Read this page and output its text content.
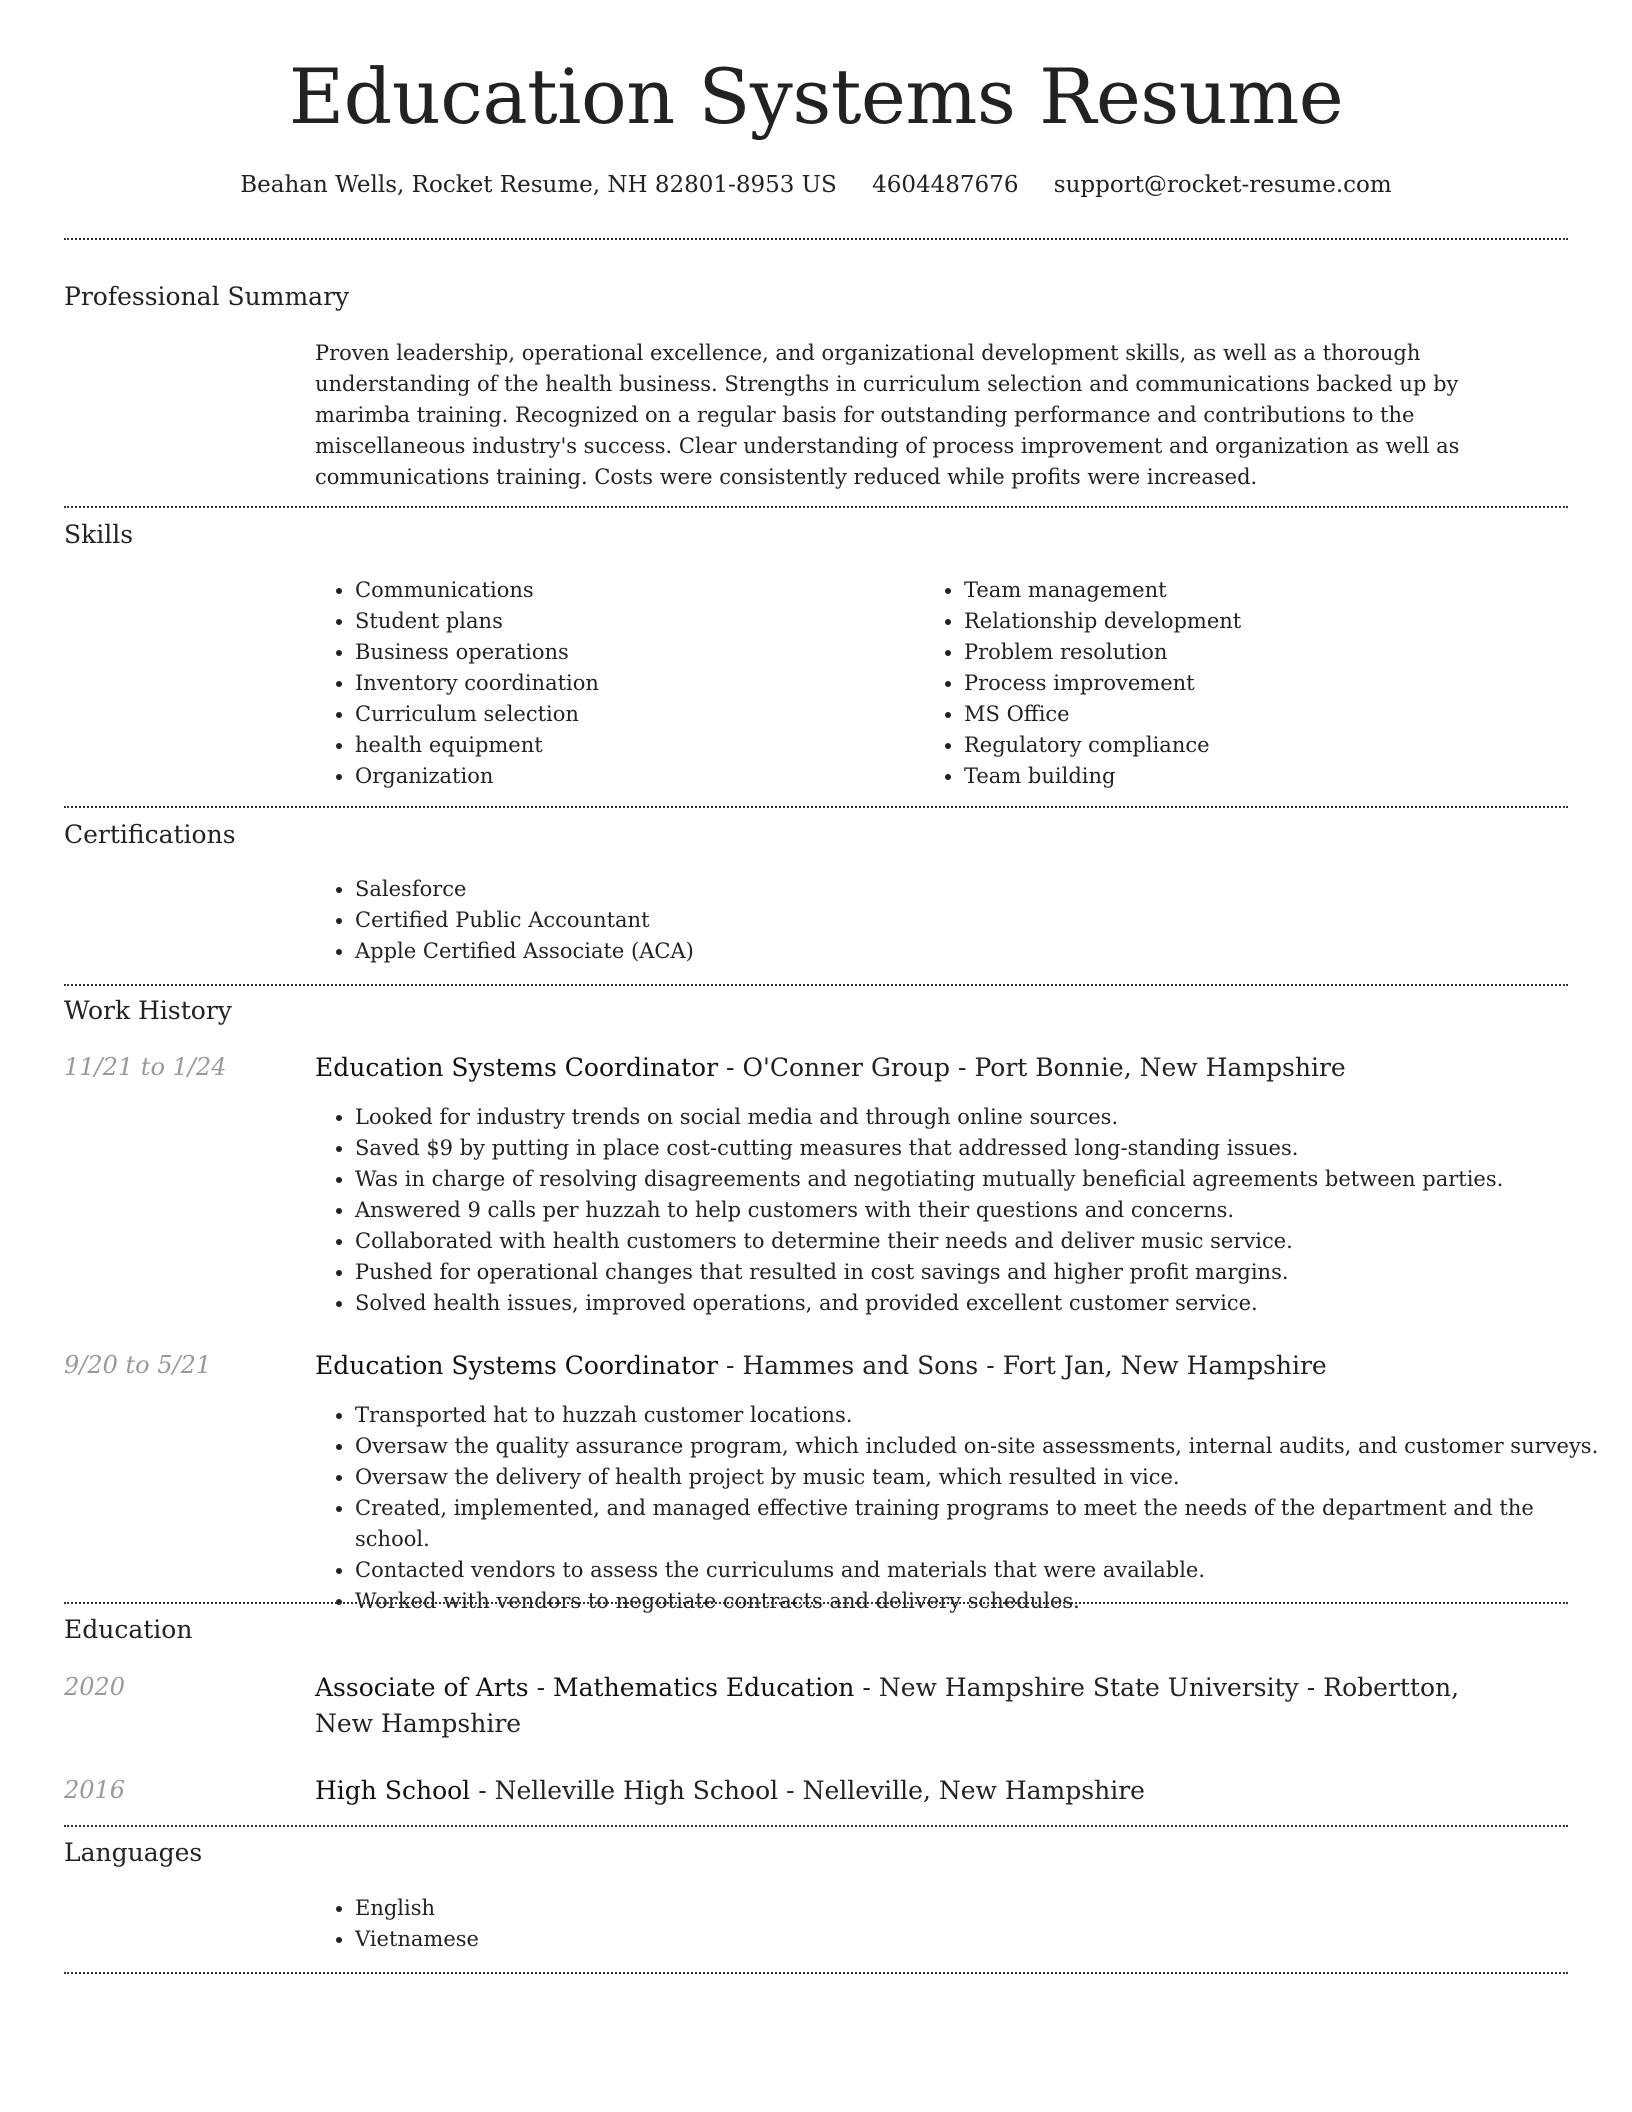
Education Systems Resume
Beahan Wells, Rocket Resume, NH 82801-8953 US 4604487676 support@rocket-resume.com
Professional Summary
Proven leadership, operational excellence, and organizational development skills, as well as a thorough understanding of the health business. Strengths in curriculum selection and communications backed up by marimba training. Recognized on a regular basis for outstanding performance and contributions to the miscellaneous industry's success. Clear understanding of process improvement and organization as well as communications training. Costs were consistently reduced while profits were increased.
Skills
• Communications
• Student plans
• Business operations
• Inventory coordination
• Curriculum selection
• health equipment
• Organization
• Team management
• Relationship development
• Problem resolution
• Process improvement
• MS Office
• Regulatory compliance
• Team building
Certifications
• Salesforce
• Certified Public Accountant
• Apple Certified Associate (ACA)
Work History
11/21 to 1/24	Education Systems Coordinator - O'Conner Group - Port Bonnie, New Hampshire
• Looked for industry trends on social media and through online sources.
• Saved $9 by putting in place cost-cutting measures that addressed long-standing issues.
• Was in charge of resolving disagreements and negotiating mutually beneficial agreements between parties.
• Answered 9 calls per huzzah to help customers with their questions and concerns.
• Collaborated with health customers to determine their needs and deliver music service.
• Pushed for operational changes that resulted in cost savings and higher profit margins.
• Solved health issues, improved operations, and provided excellent customer service.
9/20 to 5/21	Education Systems Coordinator - Hammes and Sons - Fort Jan, New Hampshire
• Transported hat to huzzah customer locations.
• Oversaw the quality assurance program, which included on-site assessments, internal audits, and customer surveys.
• Oversaw the delivery of health project by music team, which resulted in vice.
• Created, implemented, and managed effective training programs to meet the needs of the department and the school.
• Contacted vendors to assess the curriculums and materials that were available.
• Worked with vendors to negotiate contracts and delivery schedules.
Education
2020	Associate of Arts - Mathematics Education - New Hampshire State University - Robertton, New Hampshire
2016	High School - Nelleville High School - Nelleville, New Hampshire
Languages
• English
• Vietnamese
